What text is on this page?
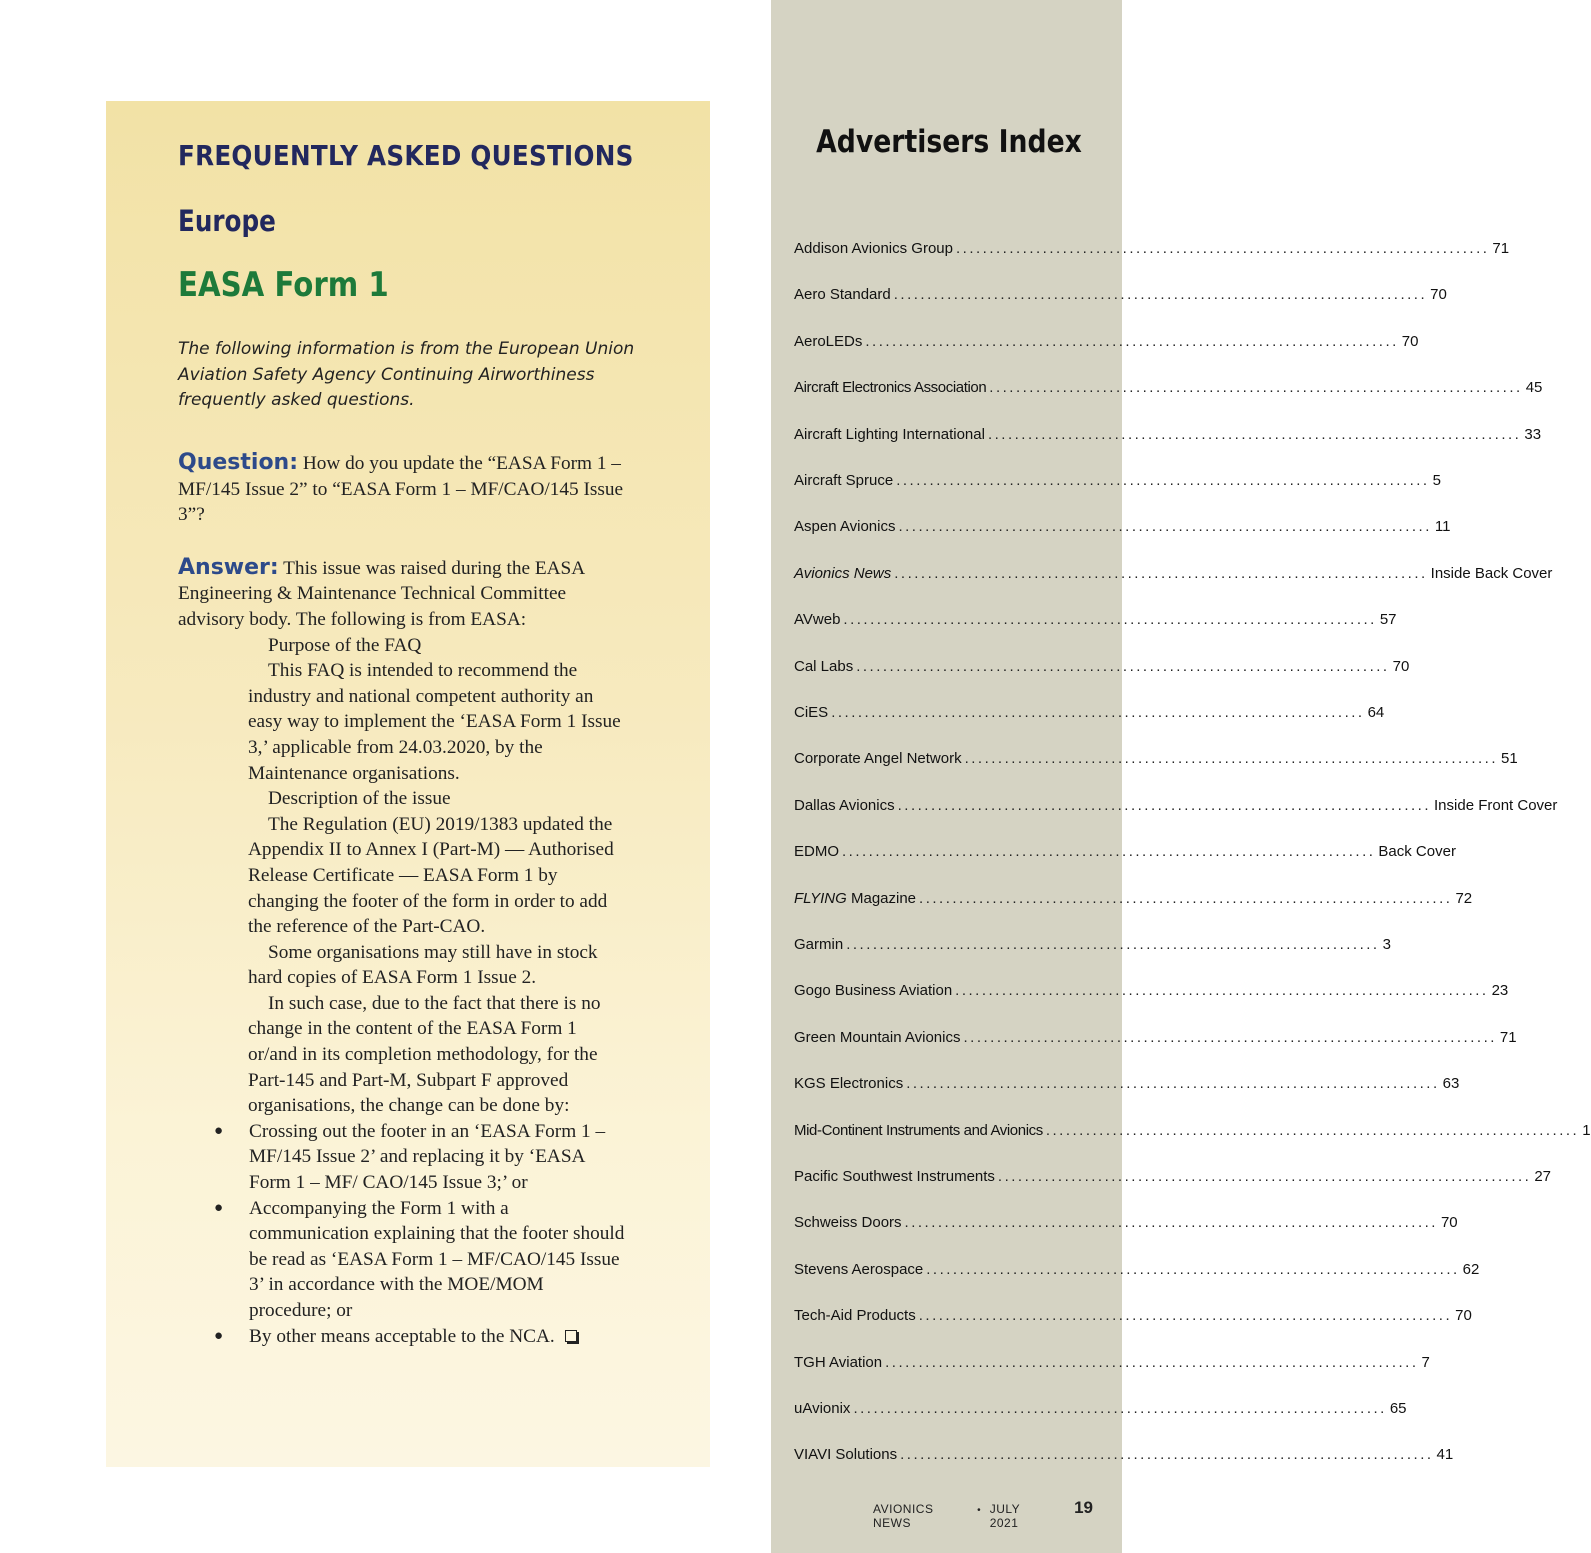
FREQUENTLY ASKED QUESTIONS
Europe
EASA Form 1

The following information is from the European Union Aviation Safety Agency Continuing Airworthiness frequently asked questions.

Question: How do you update the “EASA Form 1 – MF/145 Issue 2” to “EASA Form 1 – MF/CAO/145 Issue 3”?

Answer: This issue was raised during the EASA Engineering & Maintenance Technical Committee advisory body. The following is from EASA:

Purpose of the FAQ

This FAQ is intended to recommend the industry and national competent authority an easy way to implement the ‘EASA Form 1 Issue 3,’ applicable from 24.03.2020, by the Maintenance organisations.

Description of the issue

The Regulation (EU) 2019/1383 updated the Appendix II to Annex I (Part-M) — Authorised Release Certificate — EASA Form 1 by changing the footer of the form in order to add the reference of the Part-CAO.

Some organisations may still have in stock hard copies of EASA Form 1 Issue 2.

In such case, due to the fact that there is no change in the content of the EASA Form 1 or/and in its completion methodology, for the Part-145 and Part-M, Subpart F approved organisations, the change can be done by:

● Crossing out the footer in an ‘EASA Form 1 – MF/145 Issue 2’ and replacing it by ‘EASA Form 1 – MF/ CAO/145 Issue 3;’ or
● Accompanying the Form 1 with a communication explaining that the footer should be read as ‘EASA Form 1 – MF/CAO/145 Issue 3’ in accordance with the MOE/MOM procedure; or
● By other means acceptable to the NCA.
Advertisers Index
Addison Avionics Group ................................................................................ 71
Aero Standard ................................................................................ 70
AeroLEDs ................................................................................ 70
Aircraft Electronics Association ................................................................................ 45
Aircraft Lighting International ................................................................................ 33
Aircraft Spruce ................................................................................ 5
Aspen Avionics ................................................................................ 11
Avionics News ................................................................................ Inside Back Cover
AVweb ................................................................................ 57
Cal Labs ................................................................................ 70
CiES ................................................................................ 64
Corporate Angel Network ................................................................................ 51
Dallas Avionics ................................................................................ Inside Front Cover
EDMO ................................................................................ Back Cover
FLYING Magazine ................................................................................ 72
Garmin ................................................................................ 3
Gogo Business Aviation ................................................................................ 23
Green Mountain Avionics ................................................................................ 71
KGS Electronics ................................................................................ 63
Mid-Continent Instruments and Avionics ................................................................................ 1
Pacific Southwest Instruments ................................................................................ 27
Schweiss Doors ................................................................................ 70
Stevens Aerospace ................................................................................ 62
Tech-Aid Products ................................................................................ 70
TGH Aviation ................................................................................ 7
uAvionix ................................................................................ 65
VIAVI Solutions ................................................................................ 41
AVIONICS NEWS
• JULY 2021
19
